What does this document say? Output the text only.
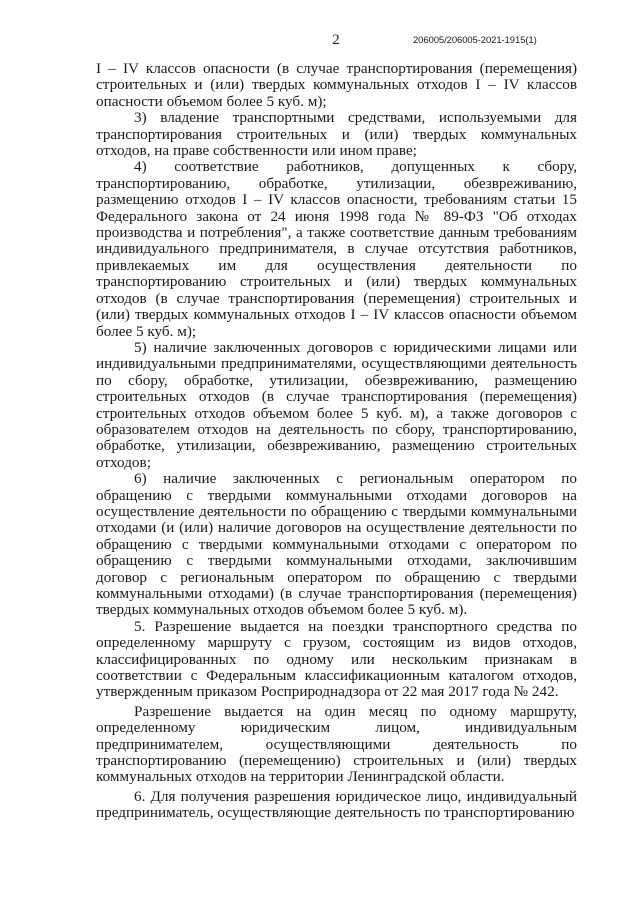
2	206005/206005-2021-1915(1)

I – IV классов опасности (в случае транспортирования (перемещения) строительных и (или) твердых коммунальных отходов I – IV классов опасности объемом более 5 куб. м);

3) владение транспортными средствами, используемыми для транспортирования строительных и (или) твердых коммунальных отходов, на праве собственности или ином праве;

4) соответствие работников, допущенных к сбору, транспортированию, обработке, утилизации, обезвреживанию, размещению отходов I – IV классов опасности, требованиям статьи 15 Федерального закона от 24 июня 1998 года № 89-ФЗ "Об отходах производства и потребления", а также соответствие данным требованиям индивидуального предпринимателя, в случае отсутствия работников, привлекаемых им для осуществления деятельности по транспортированию строительных и (или) твердых коммунальных отходов (в случае транспортирования (перемещения) строительных и (или) твердых коммунальных отходов I – IV классов опасности объемом более 5 куб. м);

5) наличие заключенных договоров с юридическими лицами или индивидуальными предпринимателями, осуществляющими деятельность по сбору, обработке, утилизации, обезвреживанию, размещению строительных отходов (в случае транспортирования (перемещения) строительных отходов объемом более 5 куб. м), а также договоров с образователем отходов на деятельность по сбору, транспортированию, обработке, утилизации, обезвреживанию, размещению строительных отходов;

6) наличие заключенных с региональным оператором по обращению с твердыми коммунальными отходами договоров на осуществление деятельности по обращению с твердыми коммунальными отходами (и (или) наличие договоров на осуществление деятельности по обращению с твердыми коммунальными отходами с оператором по обращению с твердыми коммунальными отходами, заключившим договор с региональным оператором по обращению с твердыми коммунальными отходами) (в случае транспортирования (перемещения) твердых коммунальных отходов объемом более 5 куб. м).

5. Разрешение выдается на поездки транспортного средства по определенному маршруту с грузом, состоящим из видов отходов, классифицированных по одному или нескольким признакам в соответствии с Федеральным классификационным каталогом отходов, утвержденным приказом Росприроднадзора от 22 мая 2017 года № 242.

Разрешение выдается на один месяц по одному маршруту, определенному юридическим лицом, индивидуальным предпринимателем, осуществляющими деятельность по транспортированию (перемещению) строительных и (или) твердых коммунальных отходов на территории Ленинградской области.

6. Для получения разрешения юридическое лицо, индивидуальный предприниматель, осуществляющие деятельность по транспортированию
